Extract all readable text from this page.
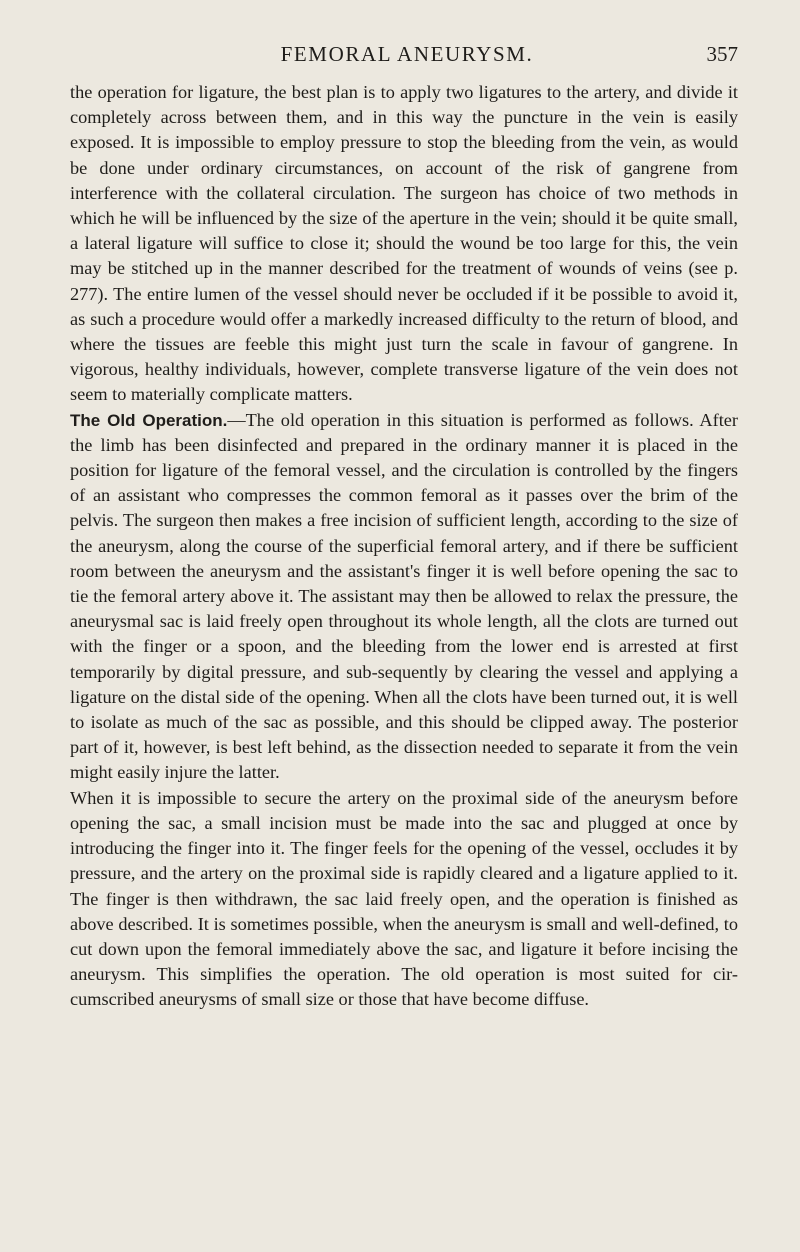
FEMORAL ANEURYSM.	357

the operation for ligature, the best plan is to apply two ligatures to the artery, and divide it completely across between them, and in this way the puncture in the vein is easily exposed. It is impossible to employ pressure to stop the bleeding from the vein, as would be done under ordinary circumstances, on account of the risk of gangrene from interference with the collateral circulation. The surgeon has choice of two methods in which he will be influenced by the size of the aperture in the vein; should it be quite small, a lateral ligature will suffice to close it; should the wound be too large for this, the vein may be stitched up in the manner described for the treatment of wounds of veins (see p. 277). The entire lumen of the vessel should never be occluded if it be possible to avoid it, as such a procedure would offer a markedly increased difficulty to the return of blood, and where the tissues are feeble this might just turn the scale in favour of gangrene. In vigorous, healthy individuals, however, complete transverse ligature of the vein does not seem to materially complicate matters.

The Old Operation.—The old operation in this situation is performed as follows. After the limb has been disinfected and prepared in the ordinary manner it is placed in the position for ligature of the femoral vessel, and the circulation is controlled by the fingers of an assistant who compresses the common femoral as it passes over the brim of the pelvis. The surgeon then makes a free incision of sufficient length, according to the size of the aneurysm, along the course of the superficial femoral artery, and if there be sufficient room between the aneurysm and the assistant's finger it is well before opening the sac to tie the femoral artery above it. The assistant may then be allowed to relax the pressure, the aneurysmal sac is laid freely open throughout its whole length, all the clots are turned out with the finger or a spoon, and the bleeding from the lower end is arrested at first temporarily by digital pressure, and sub-sequently by clearing the vessel and applying a ligature on the distal side of the opening. When all the clots have been turned out, it is well to isolate as much of the sac as possible, and this should be clipped away. The posterior part of it, however, is best left behind, as the dissection needed to separate it from the vein might easily injure the latter.

When it is impossible to secure the artery on the proximal side of the aneurysm before opening the sac, a small incision must be made into the sac and plugged at once by introducing the finger into it. The finger feels for the opening of the vessel, occludes it by pressure, and the artery on the proximal side is rapidly cleared and a ligature applied to it. The finger is then withdrawn, the sac laid freely open, and the operation is finished as above described. It is sometimes possible, when the aneurysm is small and well-defined, to cut down upon the femoral immediately above the sac, and ligature it before incising the aneurysm. This simplifies the operation. The old operation is most suited for cir-cumscribed aneurysms of small size or those that have become diffuse.
